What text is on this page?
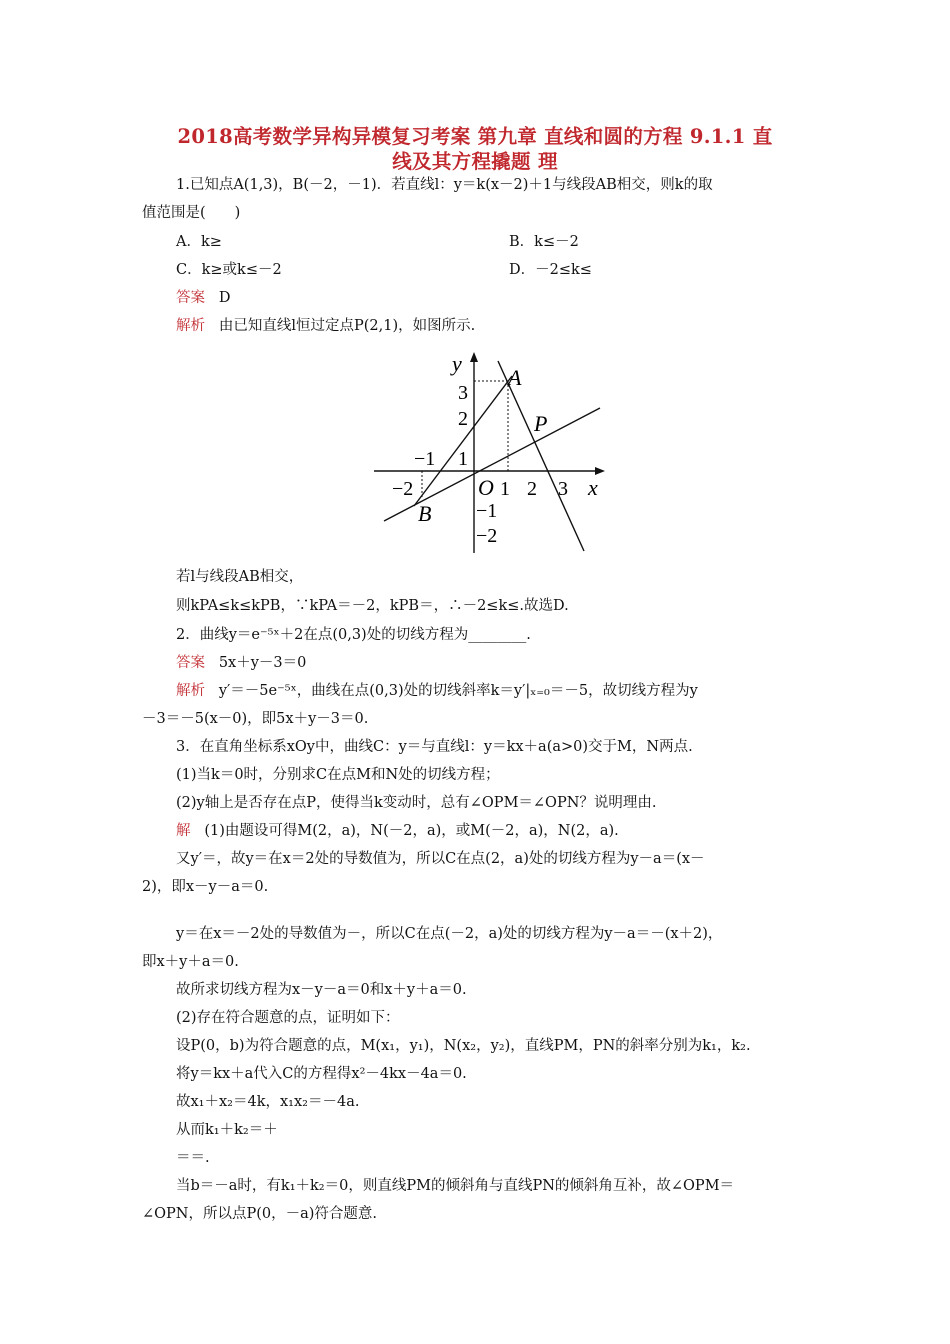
2018高考数学异构异模复习考案 第九章 直线和圆的方程 9.1.1 直
线及其方程撬题 理
1.已知点A(1,3)，B(－2，－1)．若直线l：y＝k(x－2)＋1与线段AB相交，则k的取
值范围是(　　)
A．k≥	B．k≤－2
C．k≥或k≤－2	D．－2≤k≤
答案 D
解析 由已知直线l恒过定点P(2,1)，如图所示.
y
x
O 1 2 3
−2
−1 1
2
3
−1
−2
A
B
P
若l与线段AB相交，
则kPA≤k≤kPB，∵kPA＝－2，kPB＝，∴－2≤k≤.故选D.
2．曲线y＝e⁻⁵ˣ＋2在点(0,3)处的切线方程为________.
答案 5x＋y－3＝0
解析 y′＝－5e⁻⁵ˣ，曲线在点(0,3)处的切线斜率k＝y′|ₓ₌₀＝－5，故切线方程为y
－3＝－5(x－0)，即5x＋y－3＝0.
3．在直角坐标系xOy中，曲线C：y＝与直线l：y＝kx＋a(a>0)交于M，N两点.
(1)当k＝0时，分别求C在点M和N处的切线方程；
(2)y轴上是否存在点P，使得当k变动时，总有∠OPM＝∠OPN？说明理由.
解 (1)由题设可得M(2，a)，N(－2，a)，或M(－2，a)，N(2，a).
又y′＝，故y＝在x＝2处的导数值为，所以C在点(2，a)处的切线方程为y－a＝(x－
2)，即x－y－a＝0.
y＝在x＝－2处的导数值为－，所以C在点(－2，a)处的切线方程为y－a＝－(x＋2)，
即x＋y＋a＝0.
故所求切线方程为x－y－a＝0和x＋y＋a＝0.
(2)存在符合题意的点，证明如下：
设P(0，b)为符合题意的点，M(x₁，y₁)，N(x₂，y₂)，直线PM，PN的斜率分别为k₁，k₂.
将y＝kx＋a代入C的方程得x²－4kx－4a＝0.
故x₁＋x₂＝4k，x₁x₂＝－4a.
从而k₁＋k₂＝＋
＝＝.
当b＝－a时，有k₁＋k₂＝0，则直线PM的倾斜角与直线PN的倾斜角互补，故∠OPM＝
∠OPN，所以点P(0，－a)符合题意.
